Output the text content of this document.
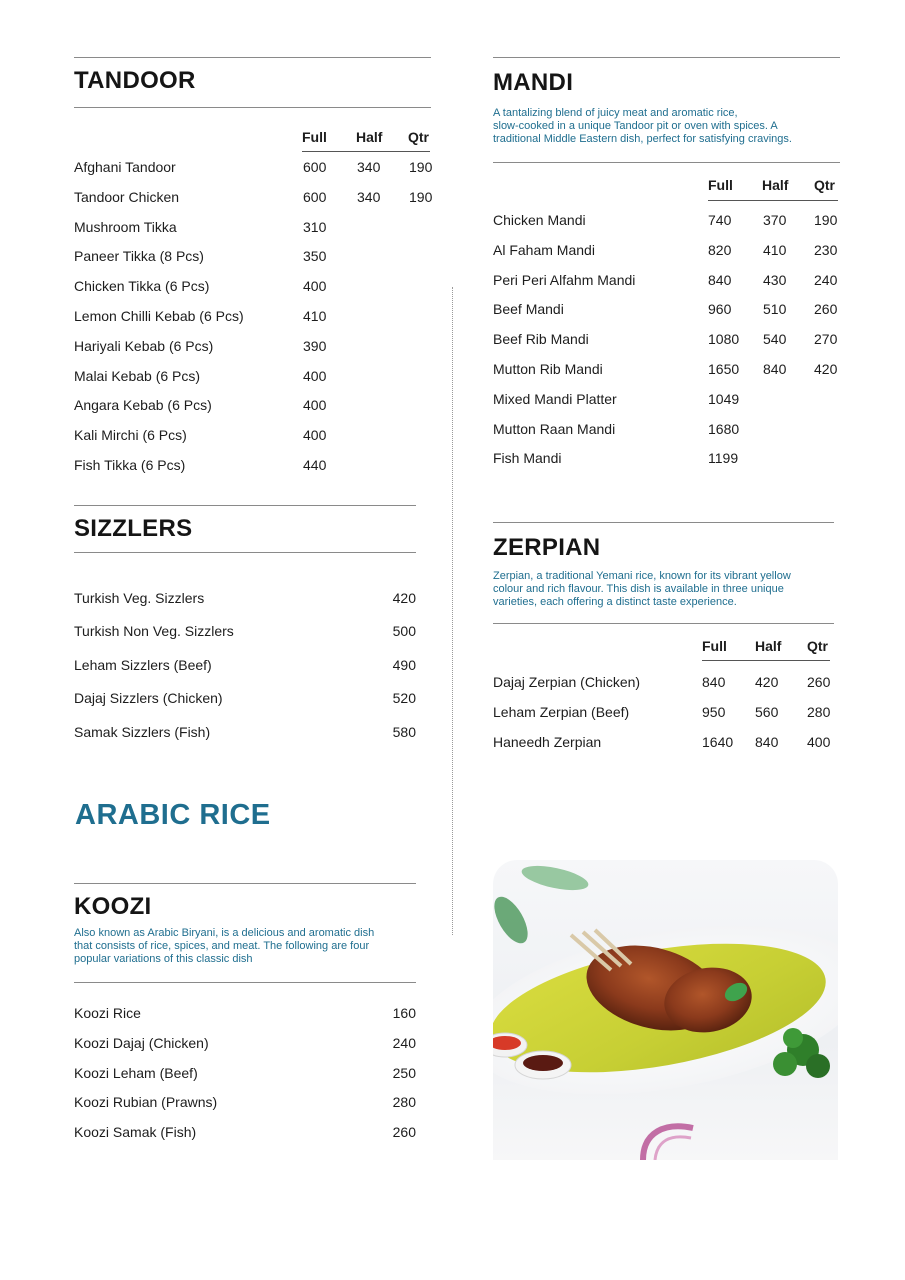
TANDOOR
Full Half Qtr
Afghani Tandoor	600 340 190
Tandoor Chicken	600 340 190
Mushroom Tikka	310
Paneer Tikka (8 Pcs)	350
Chicken Tikka (6 Pcs)	400
Lemon Chilli Kebab (6 Pcs)	410
Hariyali Kebab (6 Pcs)	390
Malai Kebab (6 Pcs)	400
Angara Kebab (6 Pcs)	400
Kali Mirchi (6 Pcs)	400
Fish Tikka (6 Pcs)	440
SIZZLERS
Turkish Veg. Sizzlers	420
Turkish Non Veg. Sizzlers	500
Leham Sizzlers (Beef)	490
Dajaj Sizzlers (Chicken)	520
Samak Sizzlers (Fish)	580
ARABIC RICE
KOOZI
Also known as Arabic Biryani, is a delicious and aromatic dish
that consists of rice, spices, and meat. The following are four
popular variations of this classic dish
Koozi Rice	160
Koozi Dajaj (Chicken)	240
Koozi Leham (Beef)	250
Koozi Rubian (Prawns)	280
Koozi Samak (Fish)	260
MANDI
A tantalizing blend of juicy meat and aromatic rice,
slow-cooked in a unique Tandoor pit or oven with spices. A
traditional Middle Eastern dish, perfect for satisfying cravings.
Full Half Qtr
Chicken Mandi	740 370 190
Al Faham Mandi	820 410 230
Peri Peri Alfahm Mandi	840 430 240
Beef Mandi	960 510 260
Beef Rib Mandi	1080 540 270
Mutton Rib Mandi	1650 840 420
Mixed Mandi Platter	1049
Mutton Raan Mandi	1680
Fish Mandi	1199
ZERPIAN
Zerpian, a traditional Yemani rice, known for its vibrant yellow
colour and rich flavour. This dish is available in three unique
varieties, each offering a distinct taste experience.
Full Half Qtr
Dajaj Zerpian (Chicken)	840 420 260
Leham Zerpian (Beef)	950 560 280
Haneedh Zerpian	1640 840 400
